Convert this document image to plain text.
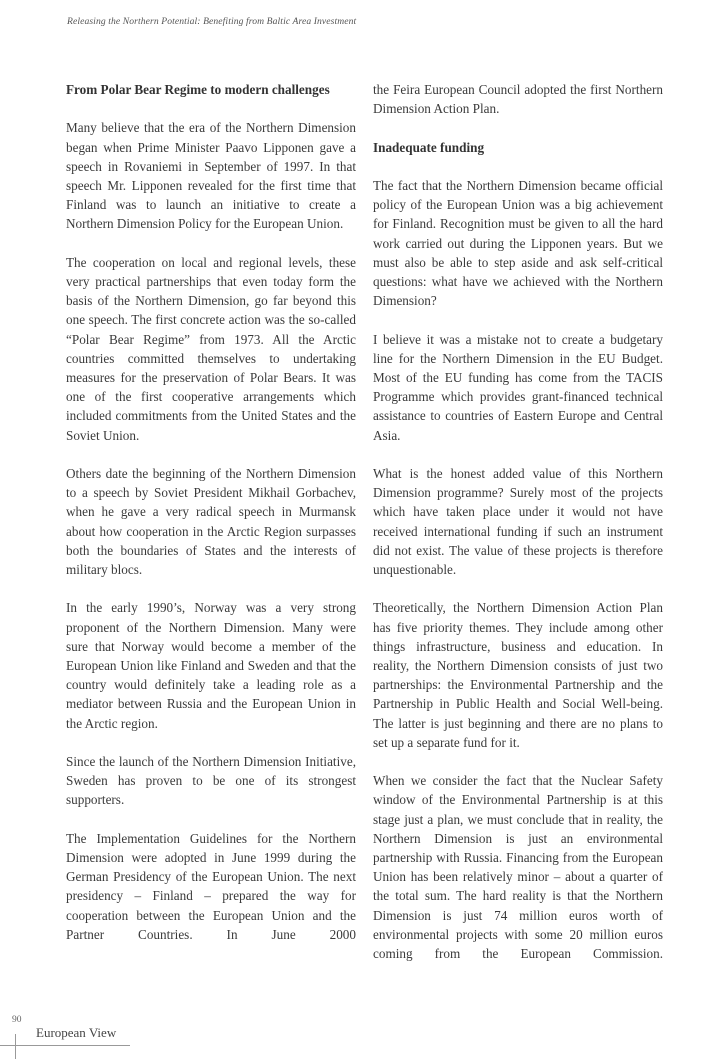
Releasing the Northern Potential: Benefiting from Baltic Area Investment
From Polar Bear Regime to modern challenges

Many believe that the era of the Northern Dimension began when Prime Minister Paavo Lipponen gave a speech in Rovaniemi in September of 1997. In that speech Mr. Lipponen revealed for the first time that Finland was to launch an initiative to create a Northern Dimension Policy for the European Union.

The cooperation on local and regional levels, these very practical partnerships that even today form the basis of the Northern Dimension, go far beyond this one speech. The first concrete action was the so-called “Polar Bear Regime” from 1973. All the Arctic countries committed themselves to undertaking measures for the preservation of Polar Bears. It was one of the first cooperative arrangements which included commitments from the United States and the Soviet Union.

Others date the beginning of the Northern Dimension to a speech by Soviet President Mikhail Gorbachev, when he gave a very radical speech in Murmansk about how cooperation in the Arctic Region surpasses both the boundaries of States and the interests of military blocs.

In the early 1990’s, Norway was a very strong proponent of the Northern Dimension. Many were sure that Norway would become a member of the European Union like Finland and Sweden and that the country would definitely take a leading role as a mediator between Russia and the European Union in the Arctic region.

Since the launch of the Northern Dimension Initiative, Sweden has proven to be one of its strongest supporters.

The Implementation Guidelines for the Northern Dimension were adopted in June 1999 during the German Presidency of the European Union. The next presidency – Finland – prepared the way for cooperation between the European Union and the Partner Countries. In June 2000

the Feira European Council adopted the first Northern Dimension Action Plan.

Inadequate funding

The fact that the Northern Dimension became official policy of the European Union was a big achievement for Finland. Recognition must be given to all the hard work carried out during the Lipponen years. But we must also be able to step aside and ask self-critical questions: what have we achieved with the Northern Dimension?

I believe it was a mistake not to create a budgetary line for the Northern Dimension in the EU Budget. Most of the EU funding has come from the TACIS Programme which provides grant-financed technical assistance to countries of Eastern Europe and Central Asia.

What is the honest added value of this Northern Dimension programme? Surely most of the projects which have taken place under it would not have received international funding if such an instrument did not exist. The value of these projects is therefore unquestionable.

Theoretically, the Northern Dimension Action Plan has five priority themes. They include among other things infrastructure, business and education. In reality, the Northern Dimension consists of just two partnerships: the Environmental Partnership and the Partnership in Public Health and Social Well-being. The latter is just beginning and there are no plans to set up a separate fund for it.

When we consider the fact that the Nuclear Safety window of the Environmental Partnership is at this stage just a plan, we must conclude that in reality, the Northern Dimension is just an environmental partnership with Russia. Financing from the European Union has been relatively minor – about a quarter of the total sum. The hard reality is that the Northern Dimension is just 74 million euros worth of environmental projects with some 20 million euros coming from the European Commission.

90
European View
